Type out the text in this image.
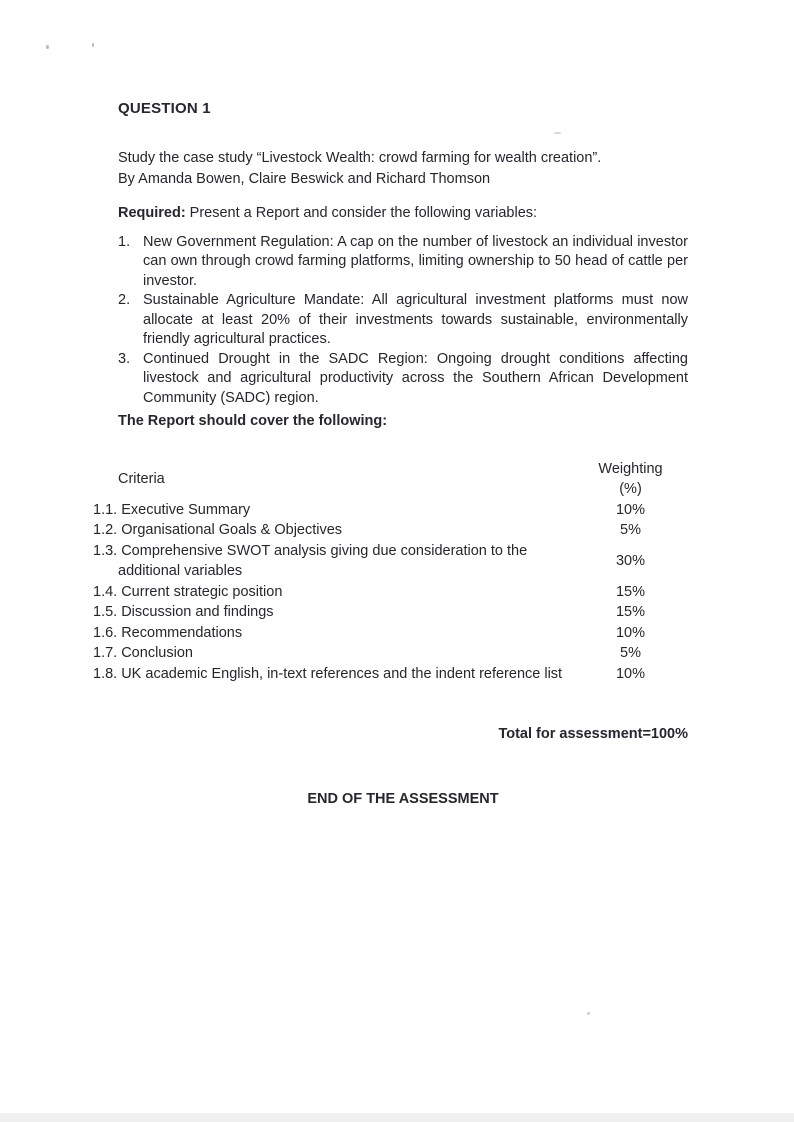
QUESTION 1
Study the case study “Livestock Wealth: crowd farming for wealth creation”.
By Amanda Bowen, Claire Beswick and Richard Thomson
Required: Present a Report and consider the following variables:
1. New Government Regulation: A cap on the number of livestock an individual investor can own through crowd farming platforms, limiting ownership to 50 head of cattle per investor.
2. Sustainable Agriculture Mandate: All agricultural investment platforms must now allocate at least 20% of their investments towards sustainable, environmentally friendly agricultural practices.
3. Continued Drought in the SADC Region: Ongoing drought conditions affecting livestock and agricultural productivity across the Southern African Development Community (SADC) region.
The Report should cover the following:
Criteria	Weighting
(%)

1.1. Executive Summary	10%
1.2. Organisational Goals & Objectives	5%
1.3. Comprehensive SWOT analysis giving due consideration to the additional variables	30%
1.4. Current strategic position	15%
1.5. Discussion and findings	15%
1.6. Recommendations	10%
1.7. Conclusion	5%
1.8. UK academic English, in-text references and the indent reference list	10%
Total for assessment=100%
END OF THE ASSESSMENT
